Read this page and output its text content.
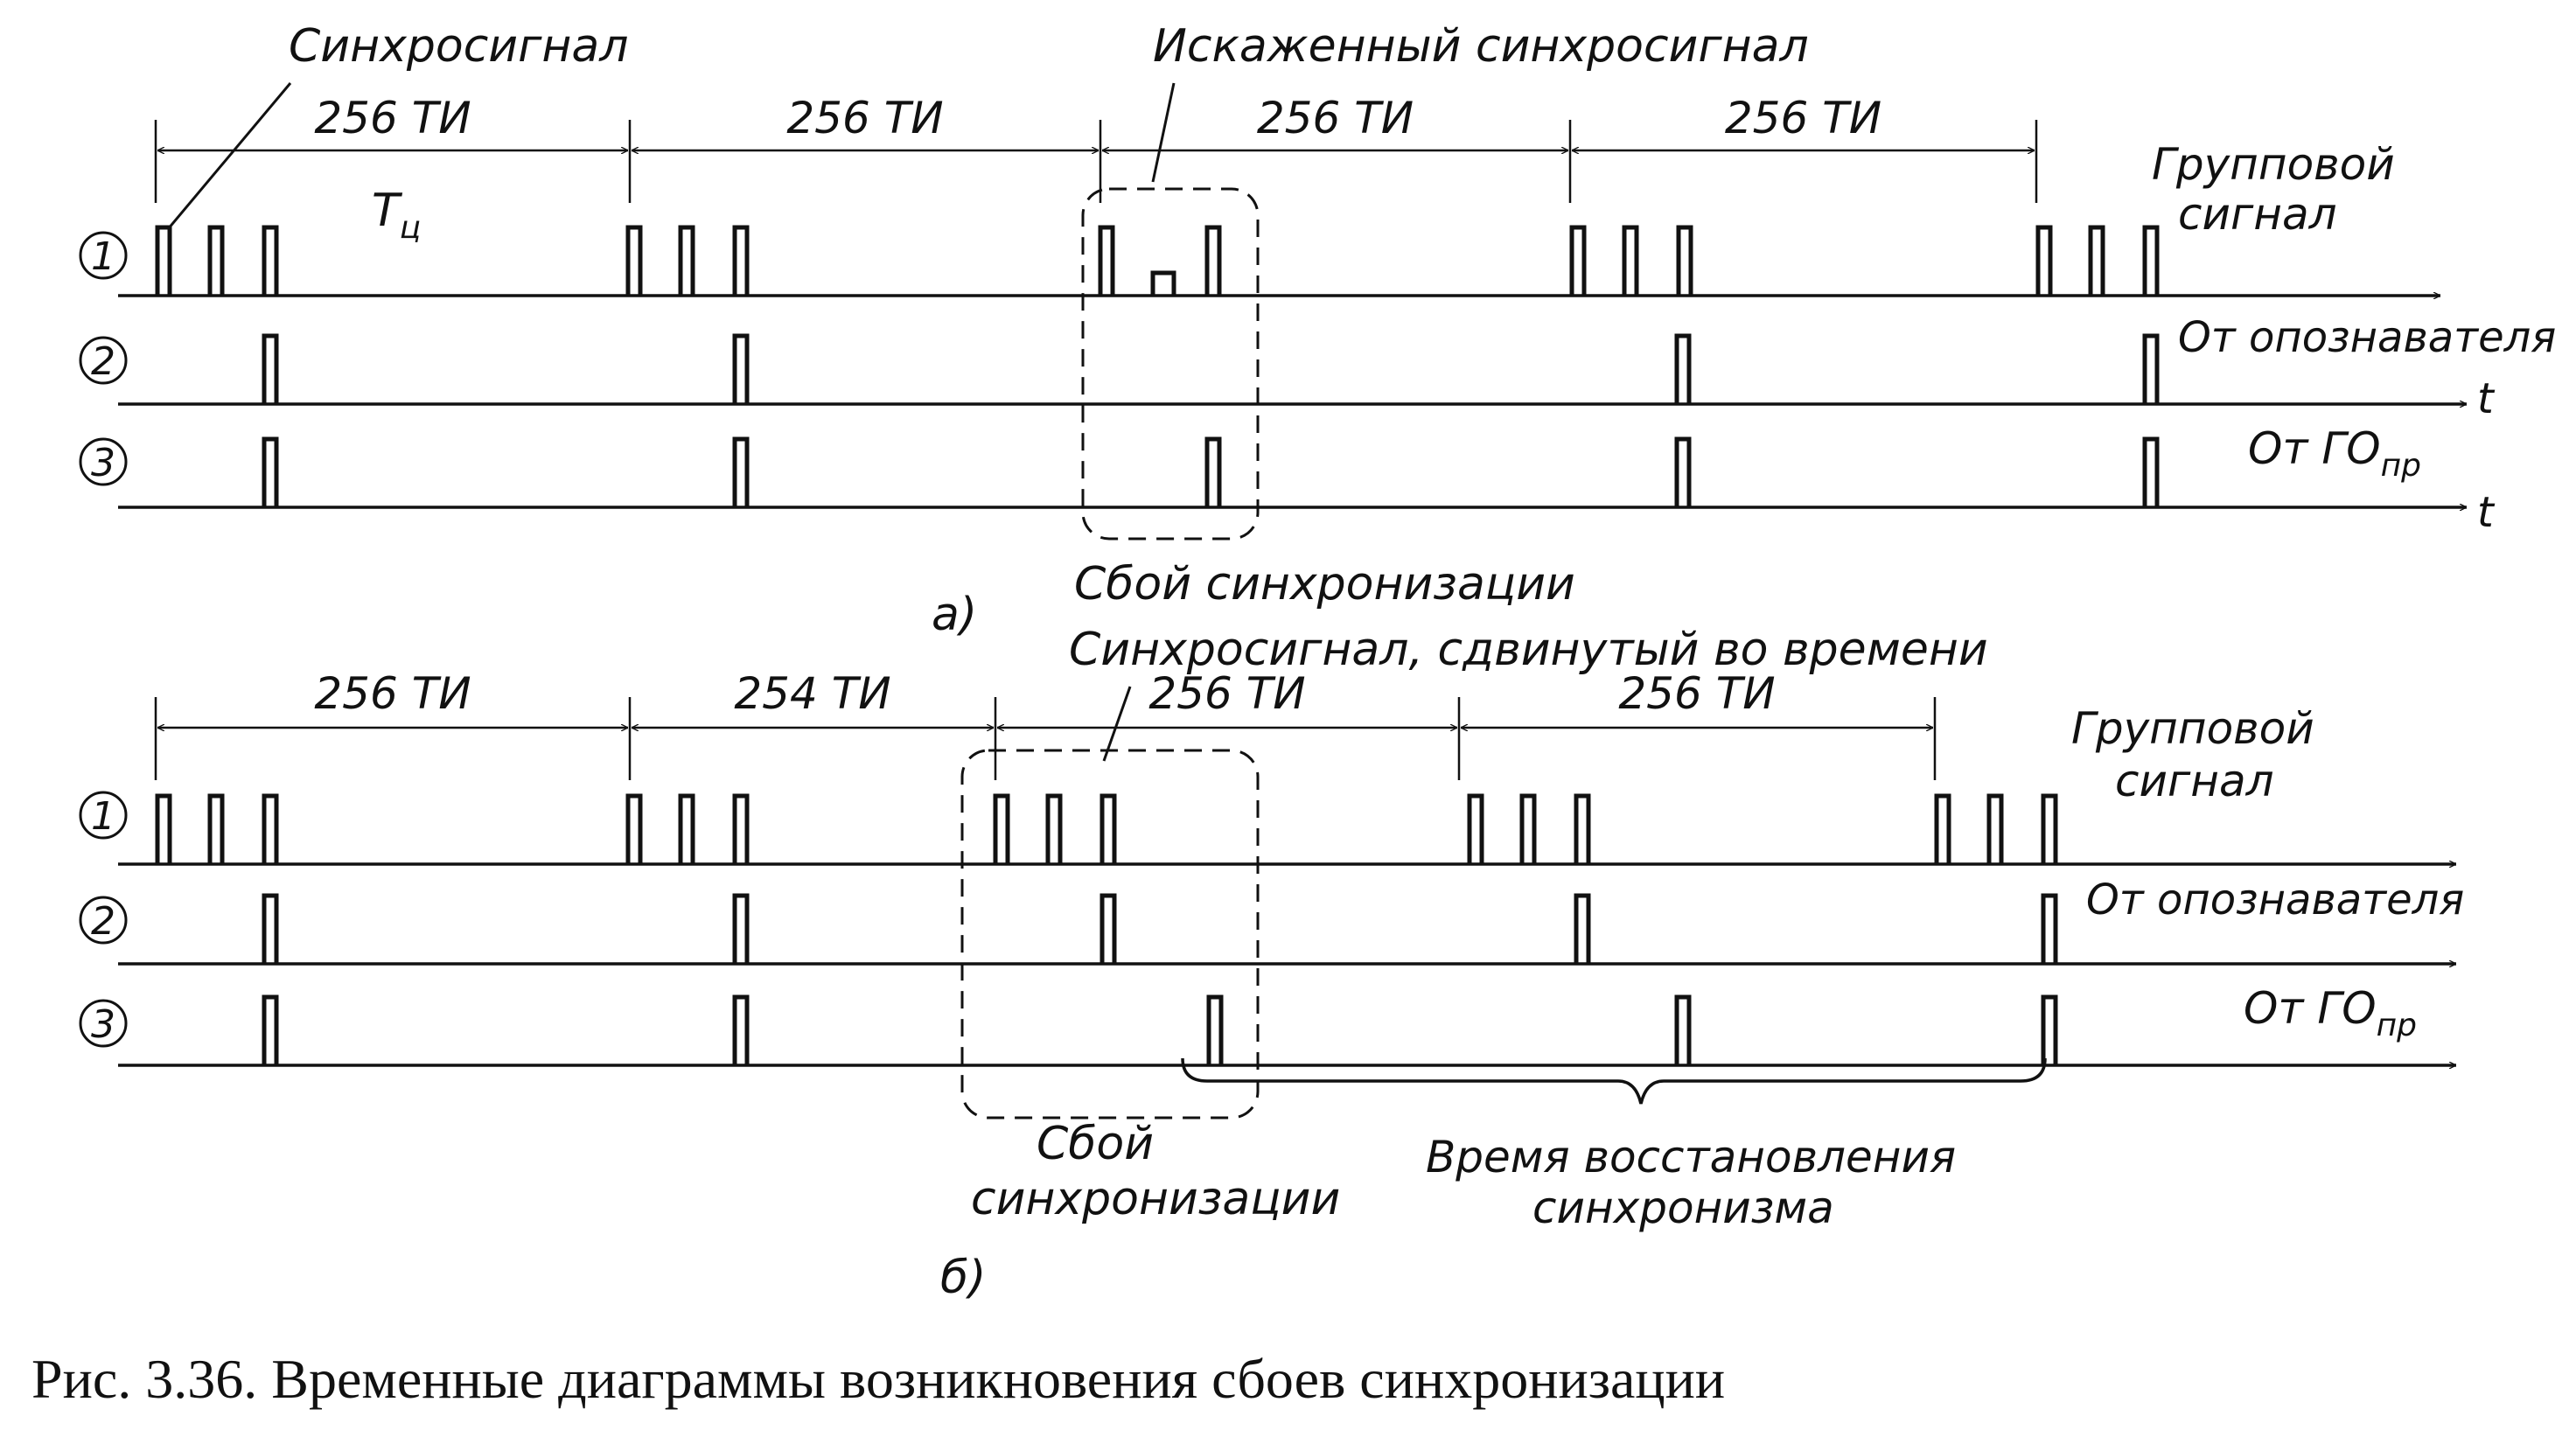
Синхросигнал	Искаженный синхросигнал
$Т_ц$
Групповой
сигнал
От опознавателя
От $ГО_{пр}$
t
t
Сбой синхронизации
а)
Синхросигнал, сдвинутый во времени
Групповой
сигнал
От опознавателя
От $ГО_{пр}$
Сбой
синхронизации
Время восстановления
синхронизма
б)
256 ТИ	256 ТИ	256 ТИ	256 ТИ
1
2
3
256 ТИ	254 ТИ	256 ТИ	256 ТИ
1
2
3
Рис. 3.36. Временные диаграммы возникновения сбоев синхронизации
